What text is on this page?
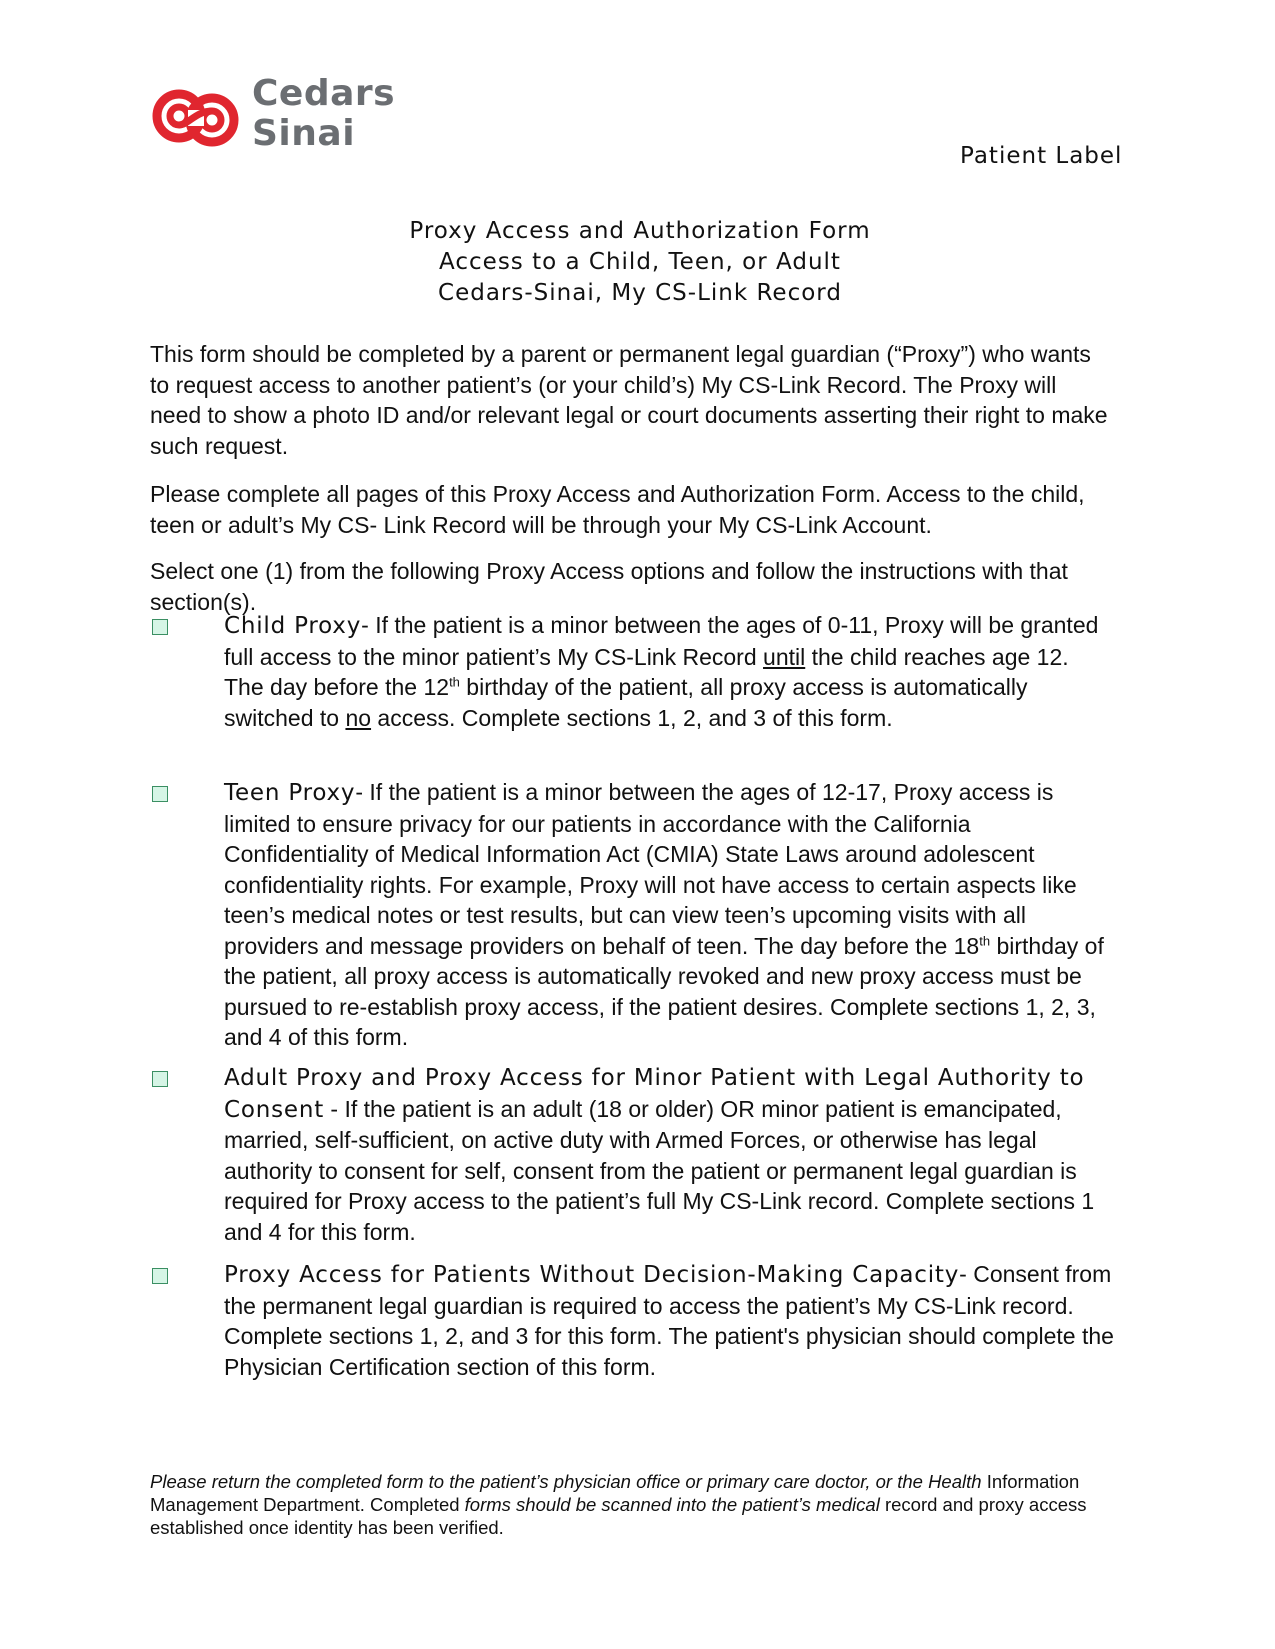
Cedars
Sinai
Patient Label
Proxy Access and Authorization Form
Access to a Child, Teen, or Adult
Cedars-Sinai, My CS-Link Record
This form should be completed by a parent or permanent legal guardian (“Proxy”) who wants to request access to another patient’s (or your child’s) My CS-Link Record. The Proxy will need to show a photo ID and/or relevant legal or court documents asserting their right to make such request.
Please complete all pages of this Proxy Access and Authorization Form. Access to the child, teen or adult’s My CS- Link Record will be through your My CS-Link Account.
Select one (1) from the following Proxy Access options and follow the instructions with that section(s).
Child Proxy- If the patient is a minor between the ages of 0-11, Proxy will be granted full access to the minor patient’s My CS-Link Record until the child reaches age 12. The day before the 12th birthday of the patient, all proxy access is automatically switched to no access. Complete sections 1, 2, and 3 of this form.
Teen Proxy- If the patient is a minor between the ages of 12-17, Proxy access is limited to ensure privacy for our patients in accordance with the California Confidentiality of Medical Information Act (CMIA) State Laws around adolescent confidentiality rights. For example, Proxy will not have access to certain aspects like teen’s medical notes or test results, but can view teen’s upcoming visits with all providers and message providers on behalf of teen. The day before the 18th birthday of the patient, all proxy access is automatically revoked and new proxy access must be pursued to re-establish proxy access, if the patient desires. Complete sections 1, 2, 3, and 4 of this form.
Adult Proxy and Proxy Access for Minor Patient with Legal Authority to Consent - If the patient is an adult (18 or older) OR minor patient is emancipated, married, self-sufficient, on active duty with Armed Forces, or otherwise has legal authority to consent for self, consent from the patient or permanent legal guardian is required for Proxy access to the patient’s full My CS-Link record. Complete sections 1 and 4 for this form.
Proxy Access for Patients Without Decision-Making Capacity- Consent from the permanent legal guardian is required to access the patient’s My CS-Link record. Complete sections 1, 2, and 3 for this form. The patient's physician should complete the Physician Certification section of this form.
Please return the completed form to the patient’s physician office or primary care doctor, or the Health Information Management Department. Completed forms should be scanned into the patient’s medical record and proxy access established once identity has been verified.
